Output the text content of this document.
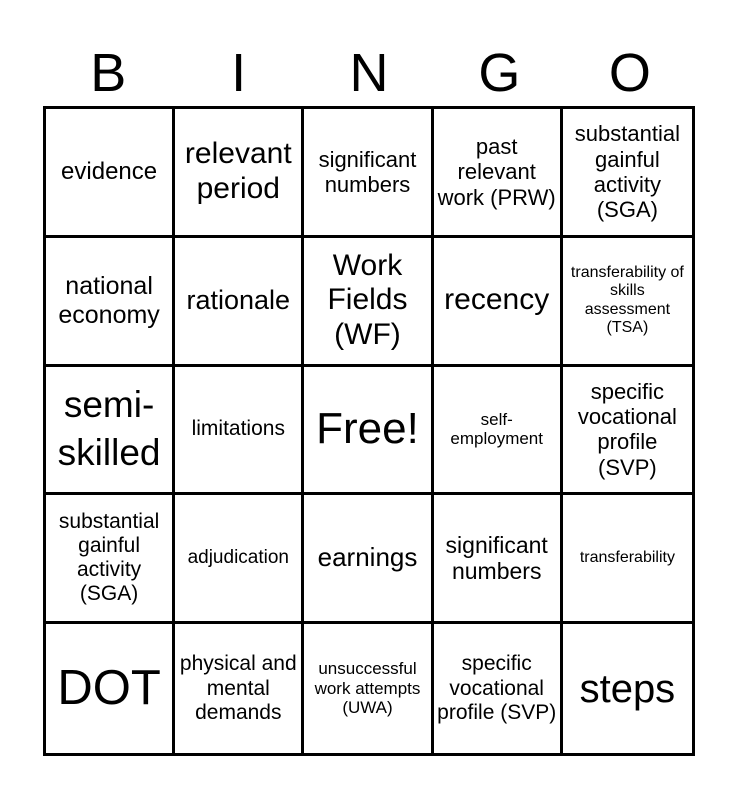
B	I	N	G	O
evidence
relevant period
significant numbers
past relevant work (PRW)
substantial gainful activity (SGA)
national economy rationale
Work Fields (WF)
recency
transferability of skills assessment (TSA)
semi-skilled
limitations Free!	self-employment
specific vocational profile (SVP)
substantial gainful activity (SGA)
adjudication	earnings	significant numbers
transferability
DOT physical and mental demands
unsuccessful work attempts (UWA)
specific vocational profile (SVP)
steps
